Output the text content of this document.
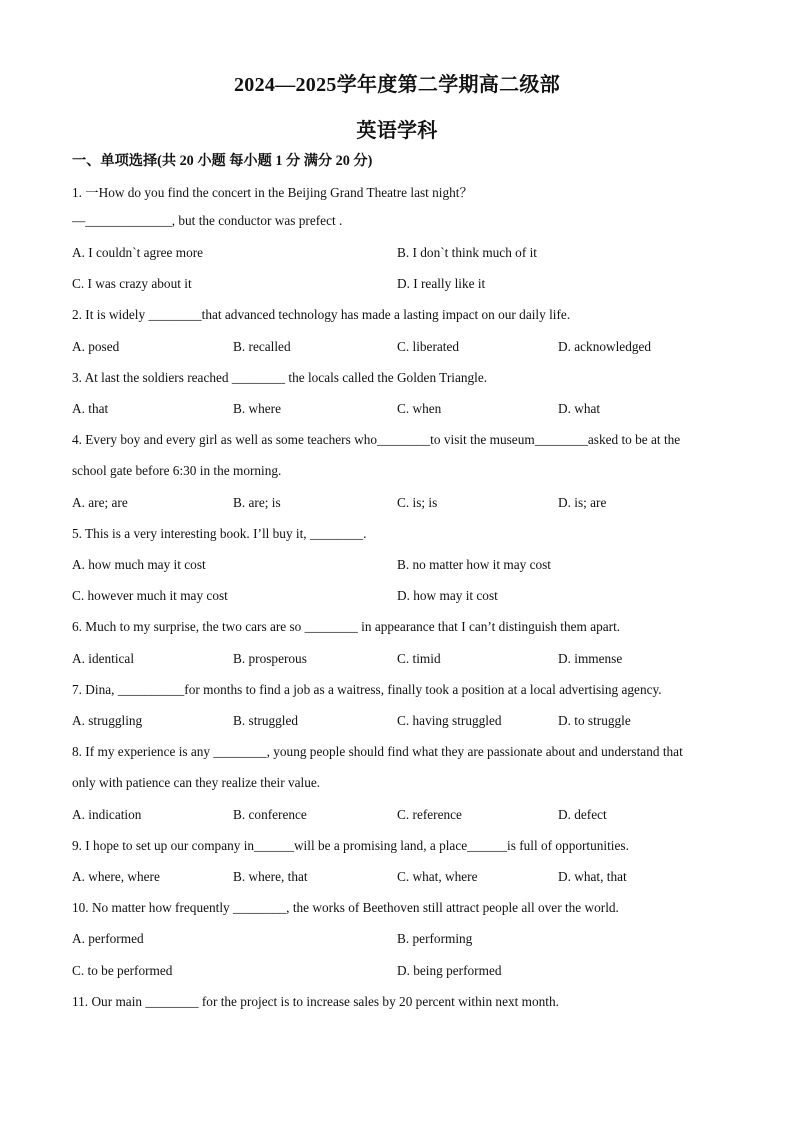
2024—2025学年度第二学期高二级部
英语学科
一、单项选择(共 20 小题 每小题 1 分 满分 20 分)
1. 一How do you find the concert in the Beijing Grand Theatre last night？
—_____________, but the conductor was prefect .
A. I couldn`t agree more	B. I don`t think much of it
C. I was crazy about it	D. I really like it
2. It is widely ________that advanced technology has made a lasting impact on our daily life.
A. posed	B. recalled	C. liberated	D. acknowledged
3. At last the soldiers reached ________ the locals called the Golden Triangle.
A. that	B. where	C. when	D. what
4. Every boy and every girl as well as some teachers who________to visit the museum________asked to be at the
school gate before 6:30 in the morning.
A. are; are	B. are; is	C. is; is	D. is; are
5. This is a very interesting book. I’ll buy it, ________.
A. how much may it cost	B. no matter how it may cost
C. however much it may cost	D. how may it cost
6. Much to my surprise, the two cars are so ________ in appearance that I can’t distinguish them apart.
A. identical	B. prosperous	C. timid	D. immense
7. Dina, __________for months to find a job as a waitress, finally took a position at a local advertising agency.
A. struggling	B. struggled	C. having struggled	D. to struggle
8. If my experience is any ________, young people should find what they are passionate about and understand that
only with patience can they realize their value.
A. indication	B. conference	C. reference	D. defect
9. I hope to set up our company in______will be a promising land, a place______is full of opportunities.
A. where, where	B. where, that	C. what, where	D. what, that
10. No matter how frequently ________, the works of Beethoven still attract people all over the world.
A. performed	B. performing
C. to be performed	D. being performed
11. Our main ________ for the project is to increase sales by 20 percent within next month.
